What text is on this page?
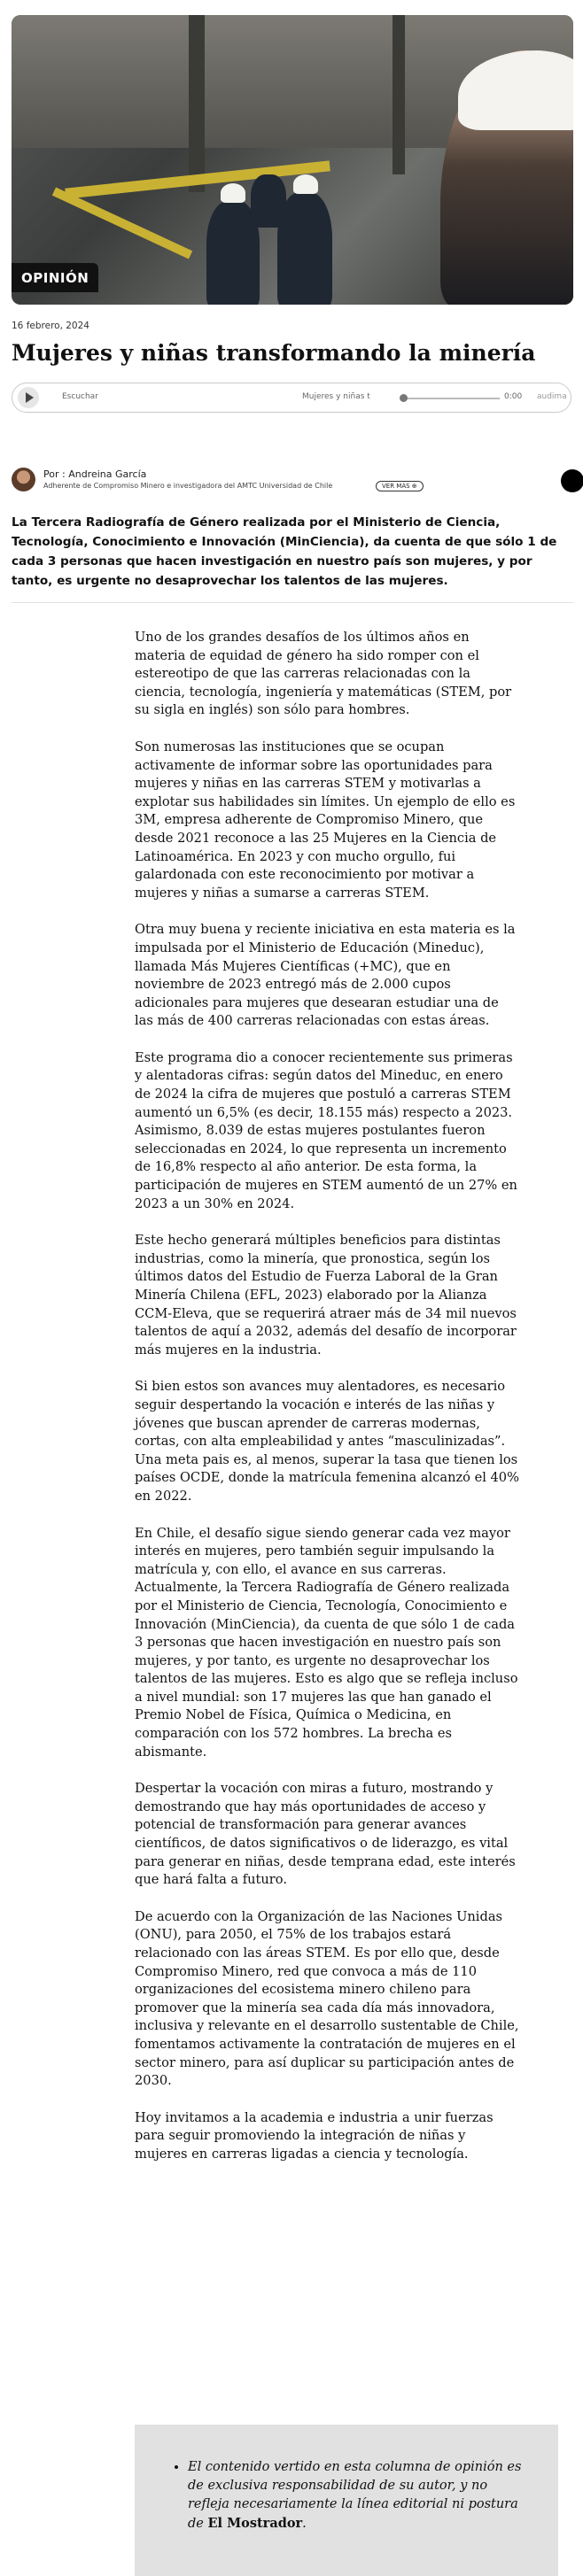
OPINIÓN
16 febrero, 2024
Mujeres y niñas transformando la minería
Escuchar	Mujeres y niñas t	0:00 audima
Por : Andreina García
Adherente de Compromiso Minero e investigadora del AMTC Universidad de Chile	VER MÁS ⊕

La Tercera Radiografía de Género realizada por el Ministerio de Ciencia, Tecnología, Conocimiento e Innovación (MinCiencia), da cuenta de que sólo 1 de cada 3 personas que hacen investigación en nuestro país son mujeres, y por tanto, es urgente no desaprovechar los talentos de las mujeres.

Uno de los grandes desafíos de los últimos años en materia de equidad de género ha sido romper con el estereotipo de que las carreras relacionadas con la ciencia, tecnología, ingeniería y matemáticas (STEM, por su sigla en inglés) son sólo para hombres.

Son numerosas las instituciones que se ocupan activamente de informar sobre las oportunidades para mujeres y niñas en las carreras STEM y motivarlas a explotar sus habilidades sin límites. Un ejemplo de ello es 3M, empresa adherente de Compromiso Minero, que desde 2021 reconoce a las 25 Mujeres en la Ciencia de Latinoamérica. En 2023 y con mucho orgullo, fui galardonada con este reconocimiento por motivar a mujeres y niñas a sumarse a carreras STEM.

Otra muy buena y reciente iniciativa en esta materia es la impulsada por el Ministerio de Educación (Mineduc), llamada Más Mujeres Científicas (+MC), que en noviembre de 2023 entregó más de 2.000 cupos adicionales para mujeres que desearan estudiar una de las más de 400 carreras relacionadas con estas áreas.

Este programa dio a conocer recientemente sus primeras y alentadoras cifras: según datos del Mineduc, en enero de 2024 la cifra de mujeres que postuló a carreras STEM aumentó un 6,5% (es decir, 18.155 más) respecto a 2023. Asimismo, 8.039 de estas mujeres postulantes fueron seleccionadas en 2024, lo que representa un incremento de 16,8% respecto al año anterior. De esta forma, la participación de mujeres en STEM aumentó de un 27% en 2023 a un 30% en 2024.

Este hecho generará múltiples beneficios para distintas industrias, como la minería, que pronostica, según los últimos datos del Estudio de Fuerza Laboral de la Gran Minería Chilena (EFL, 2023) elaborado por la Alianza CCM-Eleva, que se requerirá atraer más de 34 mil nuevos talentos de aquí a 2032, además del desafío de incorporar más mujeres en la industria.

Si bien estos son avances muy alentadores, es necesario seguir despertando la vocación e interés de las niñas y jóvenes que buscan aprender de carreras modernas, cortas, con alta empleabilidad y antes “masculinizadas”. Una meta pais es, al menos, superar la tasa que tienen los países OCDE, donde la matrícula femenina alcanzó el 40% en 2022.

En Chile, el desafío sigue siendo generar cada vez mayor interés en mujeres, pero también seguir impulsando la matrícula y, con ello, el avance en sus carreras. Actualmente, la Tercera Radiografía de Género realizada por el Ministerio de Ciencia, Tecnología, Conocimiento e Innovación (MinCiencia), da cuenta de que sólo 1 de cada 3 personas que hacen investigación en nuestro país son mujeres, y por tanto, es urgente no desaprovechar los talentos de las mujeres. Esto es algo que se refleja incluso a nivel mundial: son 17 mujeres las que han ganado el Premio Nobel de Física, Química o Medicina, en comparación con los 572 hombres. La brecha es abismante.

Despertar la vocación con miras a futuro, mostrando y demostrando que hay más oportunidades de acceso y potencial de transformación para generar avances científicos, de datos significativos o de liderazgo, es vital para generar en niñas, desde temprana edad, este interés que hará falta a futuro.

De acuerdo con la Organización de las Naciones Unidas (ONU), para 2050, el 75% de los trabajos estará relacionado con las áreas STEM. Es por ello que, desde Compromiso Minero, red que convoca a más de 110 organizaciones del ecosistema minero chileno para promover que la minería sea cada día más innovadora, inclusiva y relevante en el desarrollo sustentable de Chile, fomentamos activamente la contratación de mujeres en el sector minero, para así duplicar su participación antes de 2030.

Hoy invitamos a la academia e industria a unir fuerzas para seguir promoviendo la integración de niñas y mujeres en carreras ligadas a ciencia y tecnología.

• El contenido vertido en esta columna de opinión es de exclusiva responsabilidad de su autor, y no refleja necesariamente la línea editorial ni postura de El Mostrador.
